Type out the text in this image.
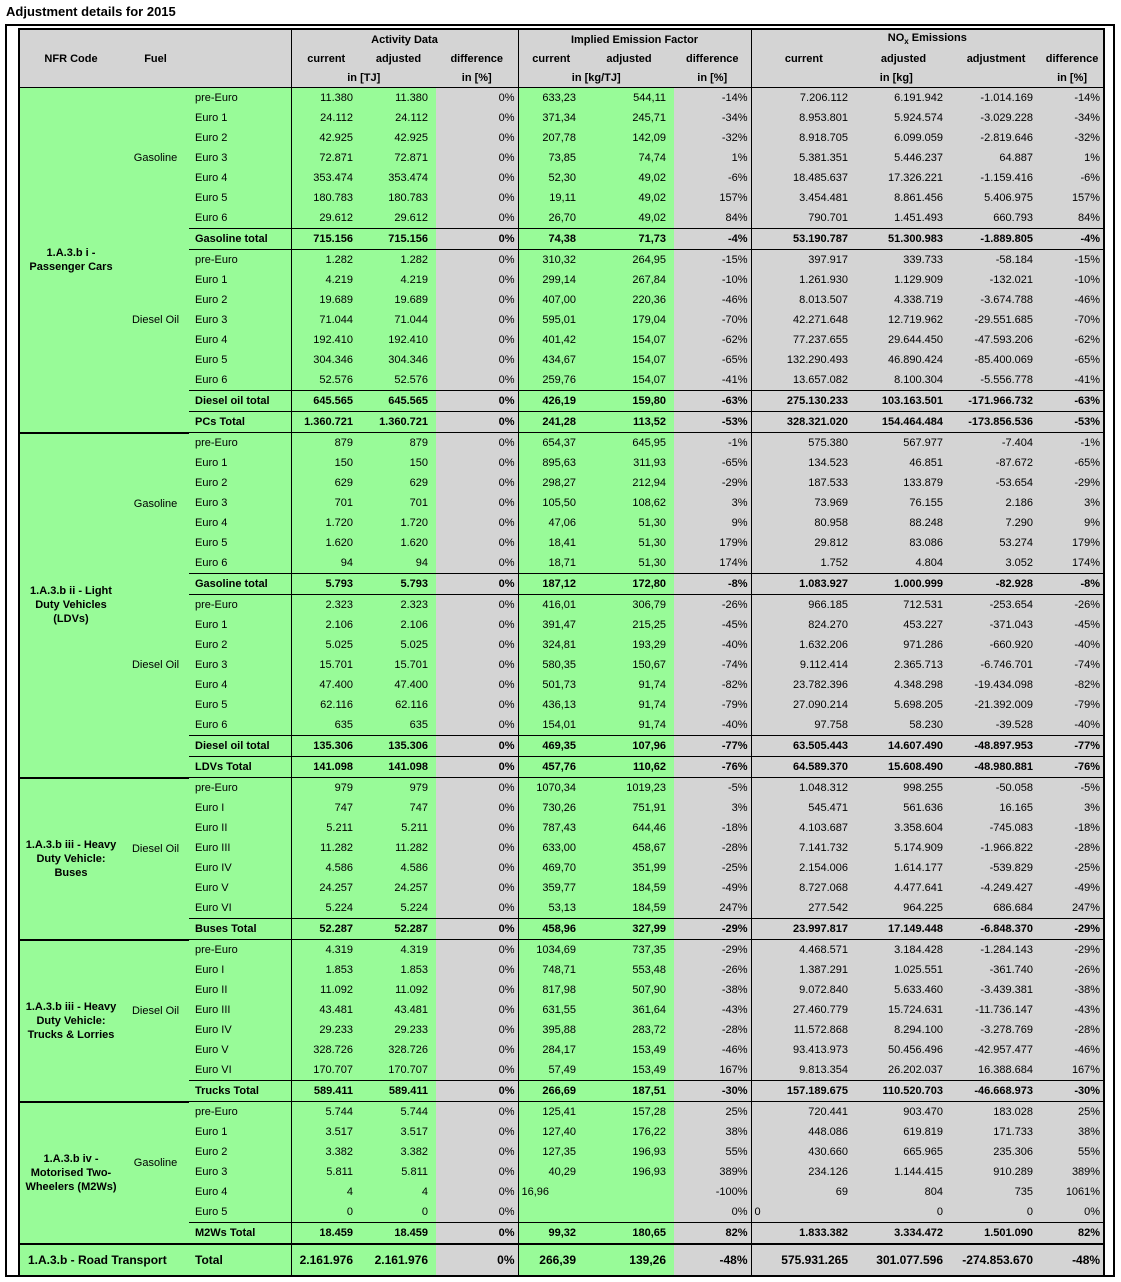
Adjustment details for 2015
NFR Code	Fuel		Activity Data			Implied Emission Factor			$NO_x$ Emissions			
			current	adjusted	difference	current	adjusted	difference	current	adjusted	adjustment	difference
			in [TJ]		in [%]	in [kg/TJ]		in [%]	in [kg]			in [%]
1.A.3.b i - Passenger Cars	Gasoline	pre-Euro	11.380	11.380	0%	633,23	544,11	-14%	7.206.112	6.191.942	-1.014.169	-14%
		Euro 1	24.112	24.112	0%	371,34	245,71	-34%	8.953.801	5.924.574	-3.029.228	-34%
		Euro 2	42.925	42.925	0%	207,78	142,09	-32%	8.918.705	6.099.059	-2.819.646	-32%
		Euro 3	72.871	72.871	0%	73,85	74,74	1%	5.381.351	5.446.237	64.887	1%
		Euro 4	353.474	353.474	0%	52,30	49,02	-6%	18.485.637	17.326.221	-1.159.416	-6%
		Euro 5	180.783	180.783	0%	19,11	49,02	157%	3.454.481	8.861.456	5.406.975	157%
		Euro 6	29.612	29.612	0%	26,70	49,02	84%	790.701	1.451.493	660.793	84%
		Gasoline total	715.156	715.156	0%	74,38	71,73	-4%	53.190.787	51.300.983	-1.889.805	-4%
	Diesel Oil	pre-Euro	1.282	1.282	0%	310,32	264,95	-15%	397.917	339.733	-58.184	-15%
		Euro 1	4.219	4.219	0%	299,14	267,84	-10%	1.261.930	1.129.909	-132.021	-10%
		Euro 2	19.689	19.689	0%	407,00	220,36	-46%	8.013.507	4.338.719	-3.674.788	-46%
		Euro 3	71.044	71.044	0%	595,01	179,04	-70%	42.271.648	12.719.962	-29.551.685	-70%
		Euro 4	192.410	192.410	0%	401,42	154,07	-62%	77.237.655	29.644.450	-47.593.206	-62%
		Euro 5	304.346	304.346	0%	434,67	154,07	-65%	132.290.493	46.890.424	-85.400.069	-65%
		Euro 6	52.576	52.576	0%	259,76	154,07	-41%	13.657.082	8.100.304	-5.556.778	-41%
		Diesel oil total	645.565	645.565	0%	426,19	159,80	-63%	275.130.233	103.163.501	-171.966.732	-63%
		PCs Total	1.360.721	1.360.721	0%	241,28	113,52	-53%	328.321.020	154.464.484	-173.856.536	-53%
1.A.3.b ii - Light Duty Vehicles (LDVs)	Gasoline	pre-Euro	879	879	0%	654,37	645,95	-1%	575.380	567.977	-7.404	-1%
		Euro 1	150	150	0%	895,63	311,93	-65%	134.523	46.851	-87.672	-65%
		Euro 2	629	629	0%	298,27	212,94	-29%	187.533	133.879	-53.654	-29%
		Euro 3	701	701	0%	105,50	108,62	3%	73.969	76.155	2.186	3%
		Euro 4	1.720	1.720	0%	47,06	51,30	9%	80.958	88.248	7.290	9%
		Euro 5	1.620	1.620	0%	18,41	51,30	179%	29.812	83.086	53.274	179%
		Euro 6	94	94	0%	18,71	51,30	174%	1.752	4.804	3.052	174%
		Gasoline total	5.793	5.793	0%	187,12	172,80	-8%	1.083.927	1.000.999	-82.928	-8%
	Diesel Oil	pre-Euro	2.323	2.323	0%	416,01	306,79	-26%	966.185	712.531	-253.654	-26%
		Euro 1	2.106	2.106	0%	391,47	215,25	-45%	824.270	453.227	-371.043	-45%
		Euro 2	5.025	5.025	0%	324,81	193,29	-40%	1.632.206	971.286	-660.920	-40%
		Euro 3	15.701	15.701	0%	580,35	150,67	-74%	9.112.414	2.365.713	-6.746.701	-74%
		Euro 4	47.400	47.400	0%	501,73	91,74	-82%	23.782.396	4.348.298	-19.434.098	-82%
		Euro 5	62.116	62.116	0%	436,13	91,74	-79%	27.090.214	5.698.205	-21.392.009	-79%
		Euro 6	635	635	0%	154,01	91,74	-40%	97.758	58.230	-39.528	-40%
		Diesel oil total	135.306	135.306	0%	469,35	107,96	-77%	63.505.443	14.607.490	-48.897.953	-77%
		LDVs Total	141.098	141.098	0%	457,76	110,62	-76%	64.589.370	15.608.490	-48.980.881	-76%
1.A.3.b iii - Heavy Duty Vehicle: Buses	Diesel Oil	pre-Euro	979	979	0%	1070,34	1019,23	-5%	1.048.312	998.255	-50.058	-5%
		Euro I	747	747	0%	730,26	751,91	3%	545.471	561.636	16.165	3%
		Euro II	5.211	5.211	0%	787,43	644,46	-18%	4.103.687	3.358.604	-745.083	-18%
		Euro III	11.282	11.282	0%	633,00	458,67	-28%	7.141.732	5.174.909	-1.966.822	-28%
		Euro IV	4.586	4.586	0%	469,70	351,99	-25%	2.154.006	1.614.177	-539.829	-25%
		Euro V	24.257	24.257	0%	359,77	184,59	-49%	8.727.068	4.477.641	-4.249.427	-49%
		Euro VI	5.224	5.224	0%	53,13	184,59	247%	277.542	964.225	686.684	247%
		Buses Total	52.287	52.287	0%	458,96	327,99	-29%	23.997.817	17.149.448	-6.848.370	-29%
1.A.3.b iii - Heavy Duty Vehicle: Trucks & Lorries	Diesel Oil	pre-Euro	4.319	4.319	0%	1034,69	737,35	-29%	4.468.571	3.184.428	-1.284.143	-29%
		Euro I	1.853	1.853	0%	748,71	553,48	-26%	1.387.291	1.025.551	-361.740	-26%
		Euro II	11.092	11.092	0%	817,98	507,90	-38%	9.072.840	5.633.460	-3.439.381	-38%
		Euro III	43.481	43.481	0%	631,55	361,64	-43%	27.460.779	15.724.631	-11.736.147	-43%
		Euro IV	29.233	29.233	0%	395,88	283,72	-28%	11.572.868	8.294.100	-3.278.769	-28%
		Euro V	328.726	328.726	0%	284,17	153,49	-46%	93.413.973	50.456.496	-42.957.477	-46%
		Euro VI	170.707	170.707	0%	57,49	153,49	167%	9.813.354	26.202.037	16.388.684	167%
		Trucks Total	589.411	589.411	0%	266,69	187,51	-30%	157.189.675	110.520.703	-46.668.973	-30%
1.A.3.b iv - Motorised Two-Wheelers (M2Ws)	Gasoline	pre-Euro	5.744	5.744	0%	125,41	157,28	25%	720.441	903.470	183.028	25%
		Euro 1	3.517	3.517	0%	127,40	176,22	38%	448.086	619.819	171.733	38%
		Euro 2	3.382	3.382	0%	127,35	196,93	55%	430.660	665.965	235.306	55%
		Euro 3	5.811	5.811	0%	40,29	196,93	389%	234.126	1.144.415	910.289	389%
		Euro 4	4	4	0%	16,96		-100%	69	804	735	1061%
		Euro 5	0	0	0%			0%	0	0	0	0%
		M2Ws Total	18.459	18.459	0%	99,32	180,65	82%	1.833.382	3.334.472	1.501.090	82%
1.A.3.b - Road Transport		Total	2.161.976	2.161.976	0%	266,39	139,26	-48%	575.931.265	301.077.596	-274.853.670	-48%
